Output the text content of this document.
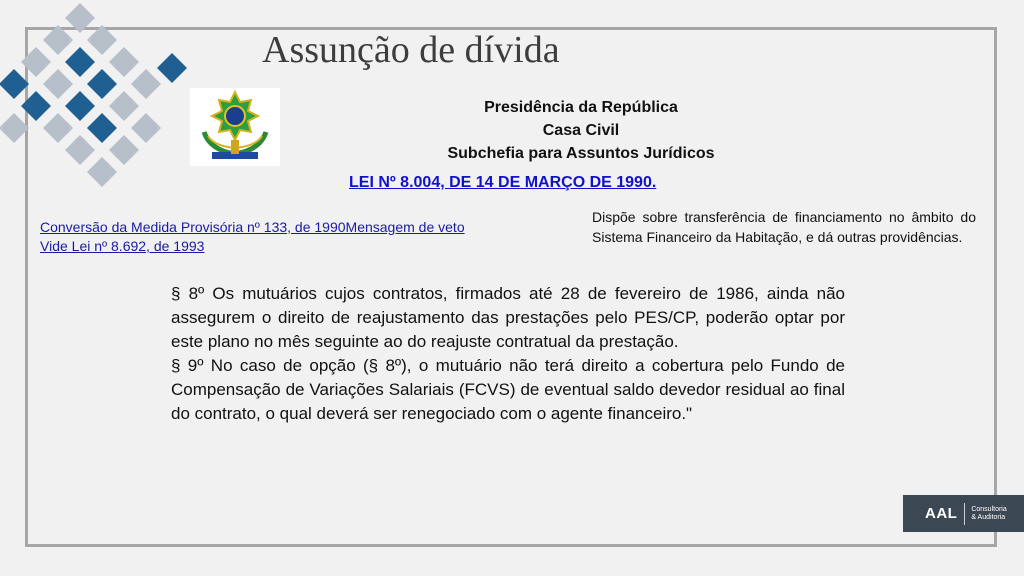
Assunção de dívida
Presidência da República
Casa Civil
Subchefia para Assuntos Jurídicos
LEI Nº 8.004, DE 14 DE MARÇO DE 1990.
Conversão da Medida Provisória nº 133, de 1990Mensagem de veto
Vide Lei nº 8.692, de 1993
Dispõe sobre transferência de financiamento no âmbito do Sistema Financeiro da Habitação, e dá outras providências.

§ 8º Os mutuários cujos contratos, firmados até 28 de fevereiro de 1986, ainda não assegurem o direito de reajustamento das prestações pelo PES/CP, poderão optar por este plano no mês seguinte ao do reajuste contratual da prestação.

§ 9º No caso de opção (§ 8º), o mutuário não terá direito a cobertura pelo Fundo de Compensação de Variações Salariais (FCVS) de eventual saldo devedor residual ao final do contrato, o qual deverá ser renegociado com o agente financeiro."

AAL Consultoria
& Auditoria
